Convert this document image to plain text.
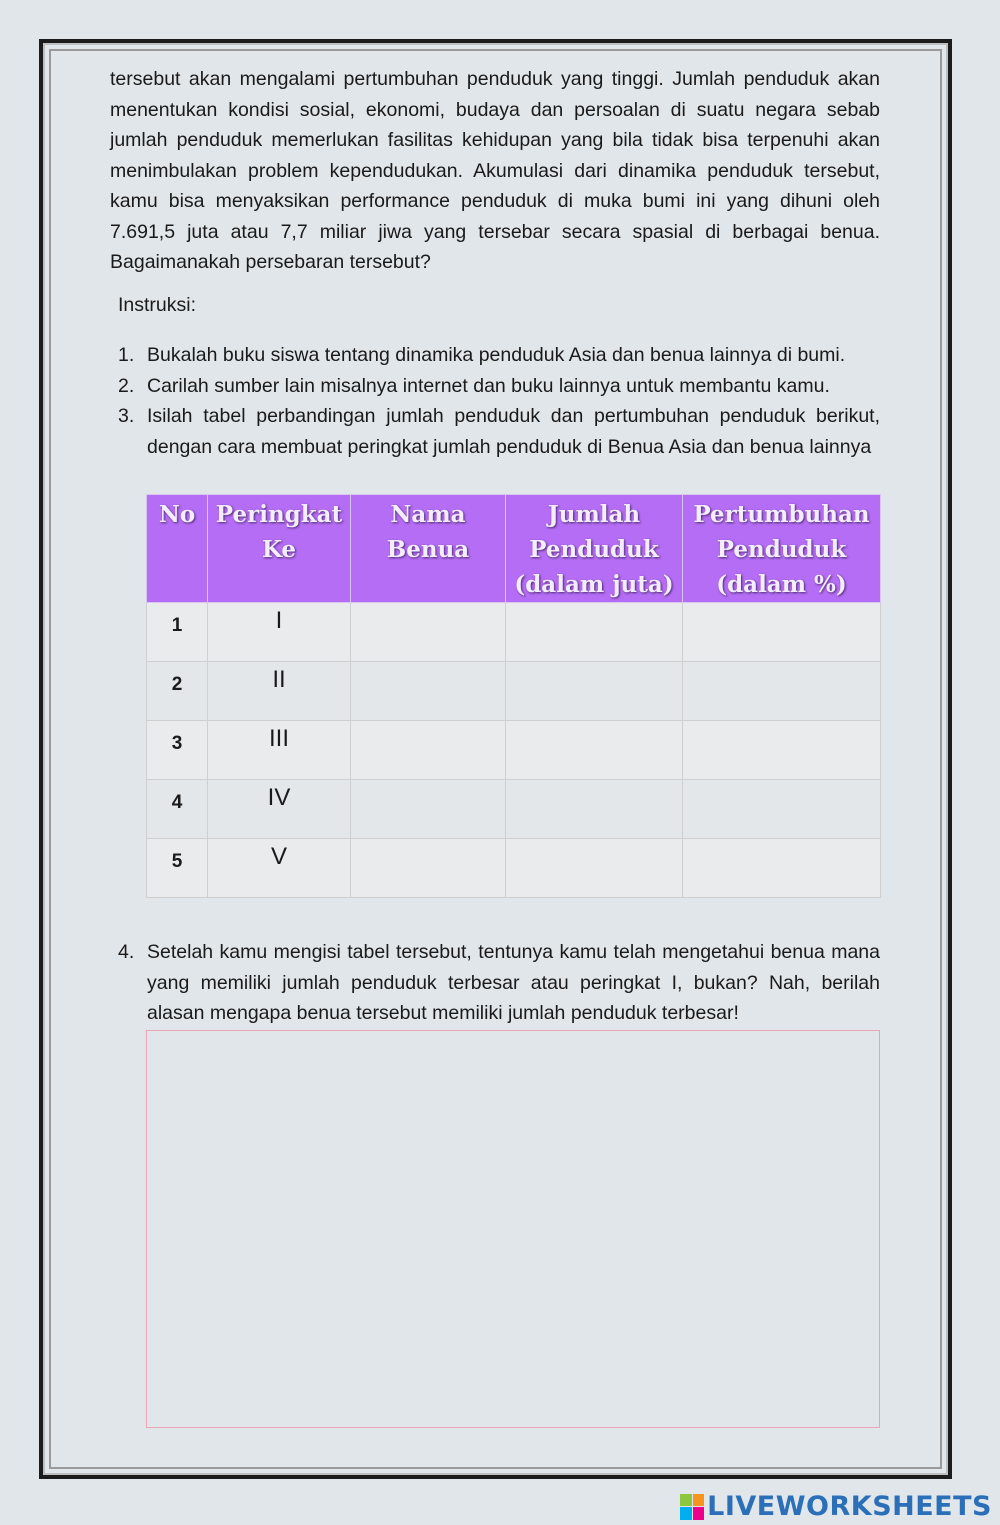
tersebut akan mengalami pertumbuhan penduduk yang tinggi. Jumlah penduduk akan menentukan kondisi sosial, ekonomi, budaya dan persoalan di suatu negara sebab jumlah penduduk memerlukan fasilitas kehidupan yang bila tidak bisa terpenuhi akan menimbulakan problem kependudukan. Akumulasi dari dinamika penduduk tersebut, kamu bisa menyaksikan performance penduduk di muka bumi ini yang dihuni oleh 7.691,5 juta atau 7,7 miliar jiwa yang tersebar secara spasial di berbagai benua. Bagaimanakah persebaran tersebut?
Instruksi:
1. Bukalah buku siswa tentang dinamika penduduk Asia dan benua lainnya di bumi.
2. Carilah sumber lain misalnya internet dan buku lainnya untuk membantu kamu.
3. Isilah tabel perbandingan jumlah penduduk dan pertumbuhan penduduk berikut, dengan cara membuat peringkat jumlah penduduk di Benua Asia dan benua lainnya
No	Peringkat Ke	Nama Benua	Jumlah Penduduk (dalam juta)	Pertumbuhan Penduduk (dalam %)
1	I			
2	II			
3	III			
4	IV			
5	V			
4. Setelah kamu mengisi tabel tersebut, tentunya kamu telah mengetahui benua mana yang memiliki jumlah penduduk terbesar atau peringkat I, bukan? Nah, berilah alasan mengapa benua tersebut memiliki jumlah penduduk terbesar!
LIVEWORKSHEETS
